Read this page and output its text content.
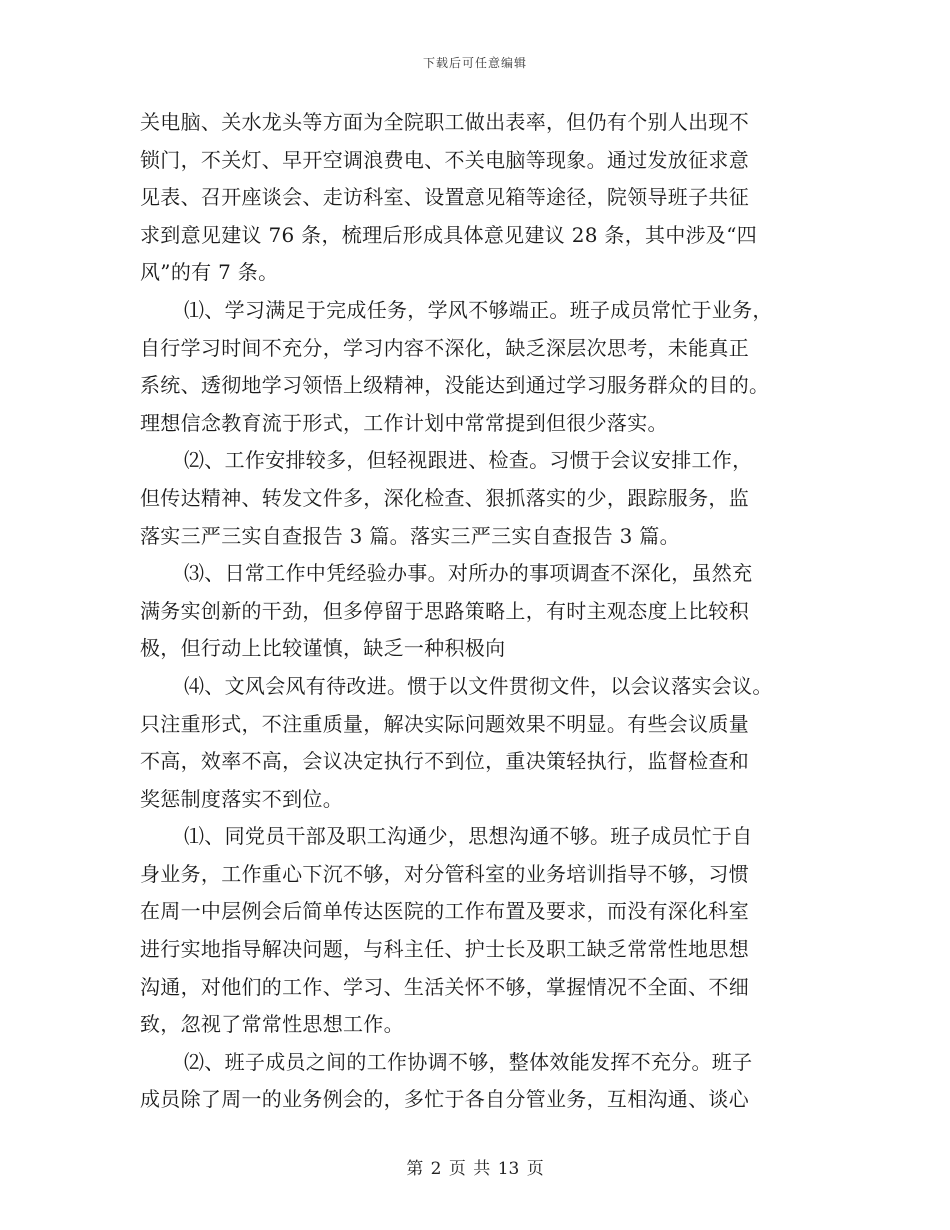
下载后可任意编辑

关电脑、关水龙头等方面为全院职工做出表率，但仍有个别人出现不
锁门，不关灯、早开空调浪费电、不关电脑等现象。通过发放征求意
见表、召开座谈会、走访科室、设置意见箱等途径，院领导班子共征
求到意见建议 76 条，梳理后形成具体意见建议 28 条，其中涉及“四
风”的有 7 条。

⑴、学习满足于完成任务，学风不够端正。班子成员常忙于业务，
自行学习时间不充分，学习内容不深化，缺乏深层次思考，未能真正
系统、透彻地学习领悟上级精神，没能达到通过学习服务群众的目的。
理想信念教育流于形式，工作计划中常常提到但很少落实。

⑵、工作安排较多，但轻视跟进、检查。习惯于会议安排工作，
但传达精神、转发文件多，深化检查、狠抓落实的少，跟踪服务，监
落实三严三实自查报告 3 篇。落实三严三实自查报告 3 篇。

⑶、日常工作中凭经验办事。对所办的事项调查不深化，虽然充
满务实创新的干劲，但多停留于思路策略上，有时主观态度上比较积
极，但行动上比较谨慎，缺乏一种积极向

⑷、文风会风有待改进。惯于以文件贯彻文件，以会议落实会议。
只注重形式，不注重质量，解决实际问题效果不明显。有些会议质量
不高，效率不高，会议决定执行不到位，重决策轻执行，监督检查和
奖惩制度落实不到位。

⑴、同党员干部及职工沟通少，思想沟通不够。班子成员忙于自
身业务，工作重心下沉不够，对分管科室的业务培训指导不够，习惯
在周一中层例会后简单传达医院的工作布置及要求，而没有深化科室
进行实地指导解决问题，与科主任、护士长及职工缺乏常常性地思想
沟通，对他们的工作、学习、生活关怀不够，掌握情况不全面、不细
致，忽视了常常性思想工作。

⑵、班子成员之间的工作协调不够，整体效能发挥不充分。班子
成员除了周一的业务例会的，多忙于各自分管业务，互相沟通、谈心

第 2 页 共 13 页
